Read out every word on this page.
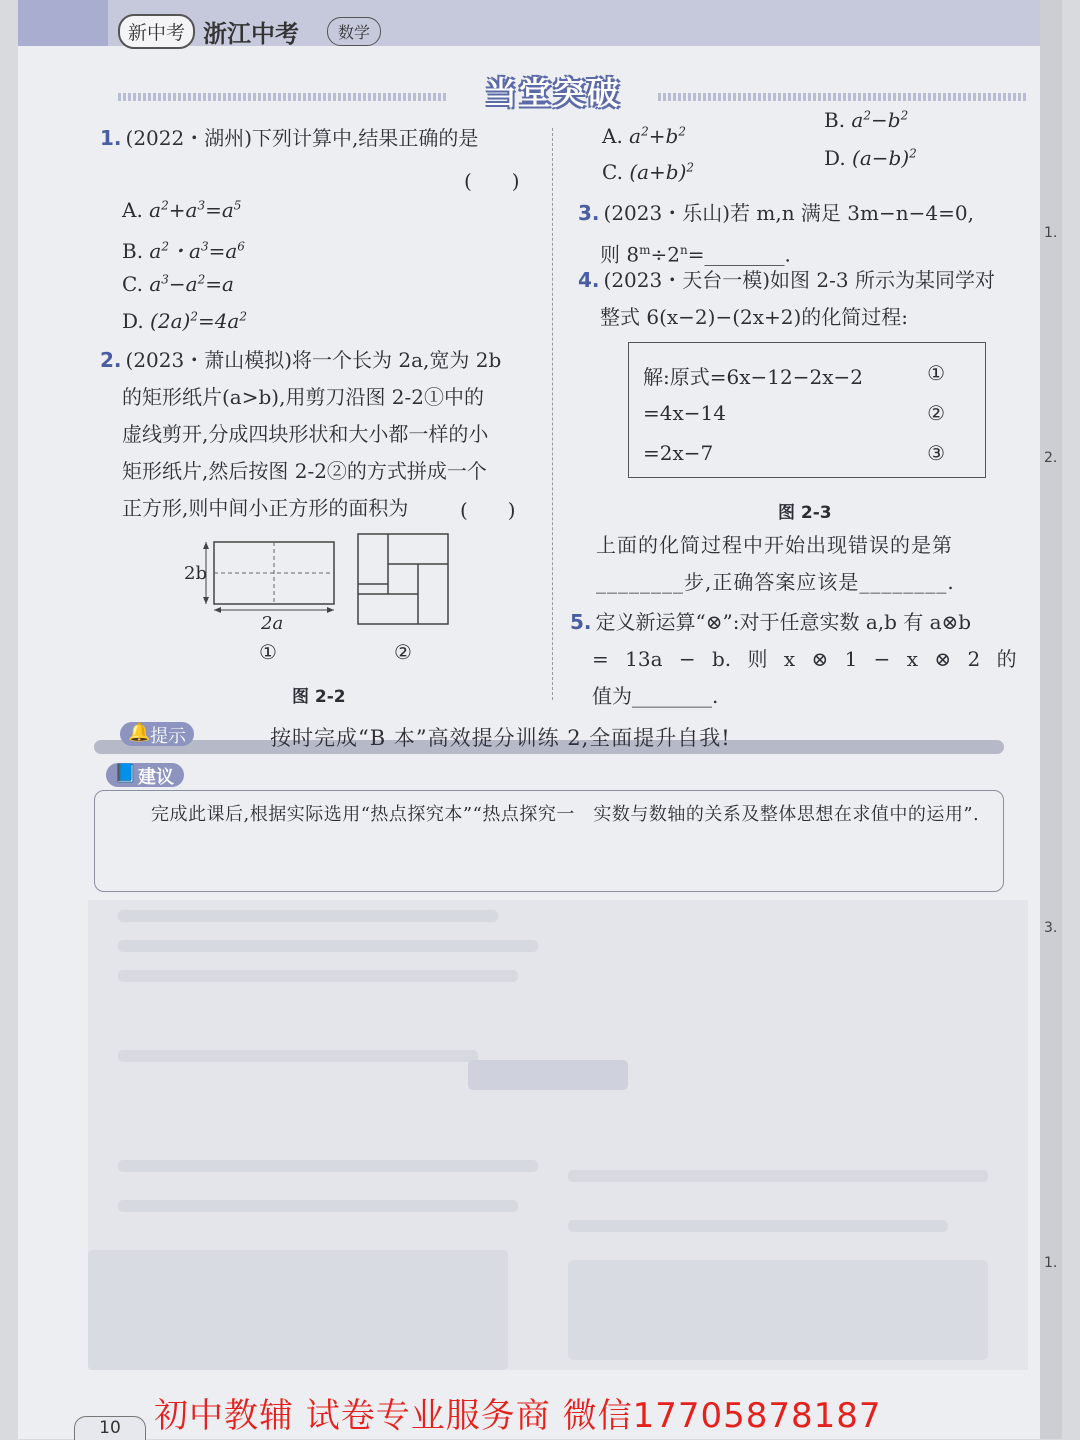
新中考 浙江中考	数学
当堂突破
1. (2022・湖州)下列计算中,结果正确的是
(　　)
A. $a^2+a^3=a^5$
B. $a^2$・$a^3=a^6$
C. $a^3-a^2=a$
D. $(2a)^2=4a^2$
2. (2023・萧山模拟)将一个长为 2a,宽为 2b
的矩形纸片(a>b),用剪刀沿图 2-2①中的
虚线剪开,分成四块形状和大小都一样的小
矩形纸片,然后按图 2-2②的方式拼成一个
正方形,则中间小正方形的面积为	(　　)
2b
2a
①	②
图 2-2
A. $a^2+b^2$	B. $a^2-b^2$
C. $(a+b)^2$	D. $(a-b)^2$
3. (2023・乐山)若 m,n 满足 3m−n−4=0,
则 $8^m\div 2^n=\_\_\_\_\_\_\_\_$.
4. (2023・天台一模)如图 2-3 所示为某同学对
整式 6(x−2)−(2x+2)的化简过程:
解:原式=6x−12−2x−2	①
=4x−14	②
=2x−7	③
图 2-3
上面的化简过程中开始出现错误的是第
________步,正确答案应该是________.
5. 定义新运算“⊗”:对于任意实数 a,b 有 a⊗b
= 13a − b. 则 x ⊗ 1 − x ⊗ 2 的
值为________.
🔔 提示	按时完成“B 本”高效提分训练 2,全面提升自我!
📘 建议
完成此课后,根据实际选用“热点探究本”“热点探究一　实数与数轴的关系及整体思想在求值中的运用”.
初中教辅 试卷专业服务商 微信17705878187
10
1.
2.
3.
1.
